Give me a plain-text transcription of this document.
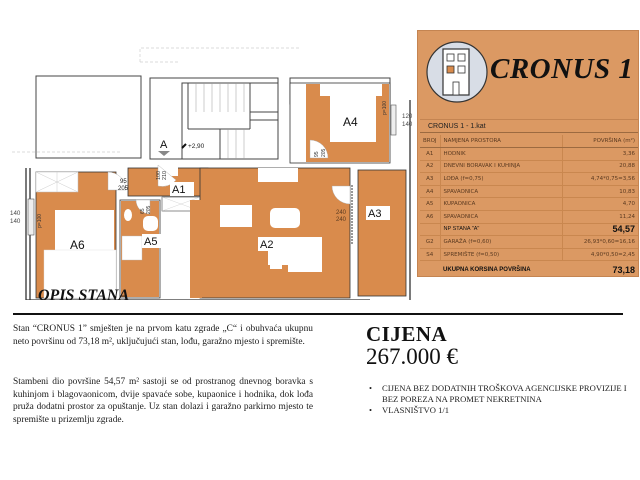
95
205
A6
p=100
140
140
100 210
A1
65 205
A5
240
240
A2
A3
95 205
A4
p=100
120
140
A	+2,90
CRONUS 1
CRONUS 1 - 1.kat
BROJ	NAMJENA PROSTORA	POVRŠINA (m²)
A1	HODNIK	3,36
A2	DNEVNI BORAVAK I KUHINJA	20,88
A3	LOĐA (f=0,75)	4,74*0,75=3,56
A4	SPAVAONICA	10,83
A5	KUPAONICA	4,70
A6	SPAVAONICA	11,24
	NP STANA "A"	54,57
G2	GARAŽA (f=0,60)	26,93*0,60=16,16
S4	SPREMIŠTE (f=0,50)	4,90*0,50=2,45
	UKUPNA KORSINA POVRŠINA	73,18
OPIS STANA

Stan “CRONUS 1” smješten je na prvom katu zgrade „C“ i obuhvaća ukupnu neto površinu od 73,18 m², uključujući stan, lođu, garažno mjesto i spremište.

Stambeni dio površine 54,57 m² sastoji se od prostranog dnevnog boravka s kuhinjom i blagovaonicom, dvije spavaće sobe, kupaonice i hodnika, dok lođa pruža dodatni prostor za opuštanje. Uz stan dolazi i garažno parkirno mjesto te spremište u prizemlju zgrade.

CIJENA
267.000 €
• CIJENA BEZ DODATNIH TROŠKOVA AGENCIJSKE PROVIZIJE I BEZ POREZA NA PROMET NEKRETNINA
• VLASNIŠTVO 1/1
